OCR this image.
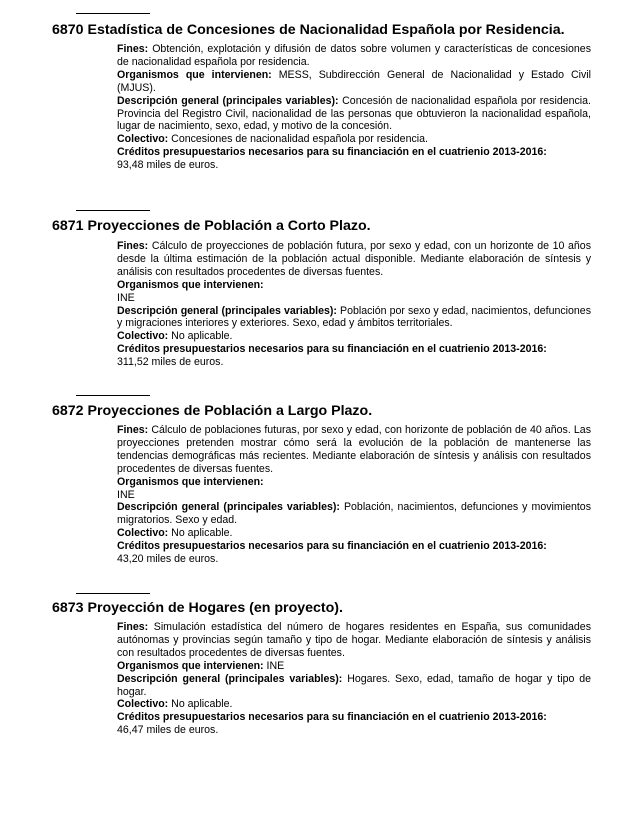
6870 Estadística de Concesiones de Nacionalidad Española por Residencia.

Fines: Obtención, explotación y difusión de datos sobre volumen y características de concesiones de nacionalidad española por residencia.

Organismos que intervienen: MESS, Subdirección General de Nacionalidad y Estado Civil (MJUS).

Descripción general (principales variables): Concesión de nacionalidad española por residencia. Provincia del Registro Civil, nacionalidad de las personas que obtuvieron la nacionalidad española, lugar de nacimiento, sexo, edad, y motivo de la concesión.

Colectivo: Concesiones de nacionalidad española por residencia.

Créditos presupuestarios necesarios para su financiación en el cuatrienio 2013-2016:

93,48 miles de euros.

6871 Proyecciones de Población a Corto Plazo.

Fines: Cálculo de proyecciones de población futura, por sexo y edad, con un horizonte de 10 años desde la última estimación de la población actual disponible. Mediante elaboración de síntesis y análisis con resultados procedentes de diversas fuentes.

Organismos que intervienen:

INE

Descripción general (principales variables): Población por sexo y edad, nacimientos, defunciones y migraciones interiores y exteriores. Sexo, edad y ámbitos territoriales.

Colectivo: No aplicable.

Créditos presupuestarios necesarios para su financiación en el cuatrienio 2013-2016:

311,52 miles de euros.

6872 Proyecciones de Población a Largo Plazo.

Fines: Cálculo de poblaciones futuras, por sexo y edad, con horizonte de población de 40 años. Las proyecciones pretenden mostrar cómo será la evolución de la población de mantenerse las tendencias demográficas más recientes. Mediante elaboración de síntesis y análisis con resultados procedentes de diversas fuentes.

Organismos que intervienen:

INE

Descripción general (principales variables): Población, nacimientos, defunciones y movimientos migratorios. Sexo y edad.

Colectivo: No aplicable.

Créditos presupuestarios necesarios para su financiación en el cuatrienio 2013-2016:

43,20 miles de euros.

6873 Proyección de Hogares (en proyecto).

Fines: Simulación estadística del número de hogares residentes en España, sus comunidades autónomas y provincias según tamaño y tipo de hogar. Mediante elaboración de síntesis y análisis con resultados procedentes de diversas fuentes.

Organismos que intervienen: INE

Descripción general (principales variables): Hogares. Sexo, edad, tamaño de hogar y tipo de hogar.

Colectivo: No aplicable.

Créditos presupuestarios necesarios para su financiación en el cuatrienio 2013-2016:

46,47 miles de euros.
